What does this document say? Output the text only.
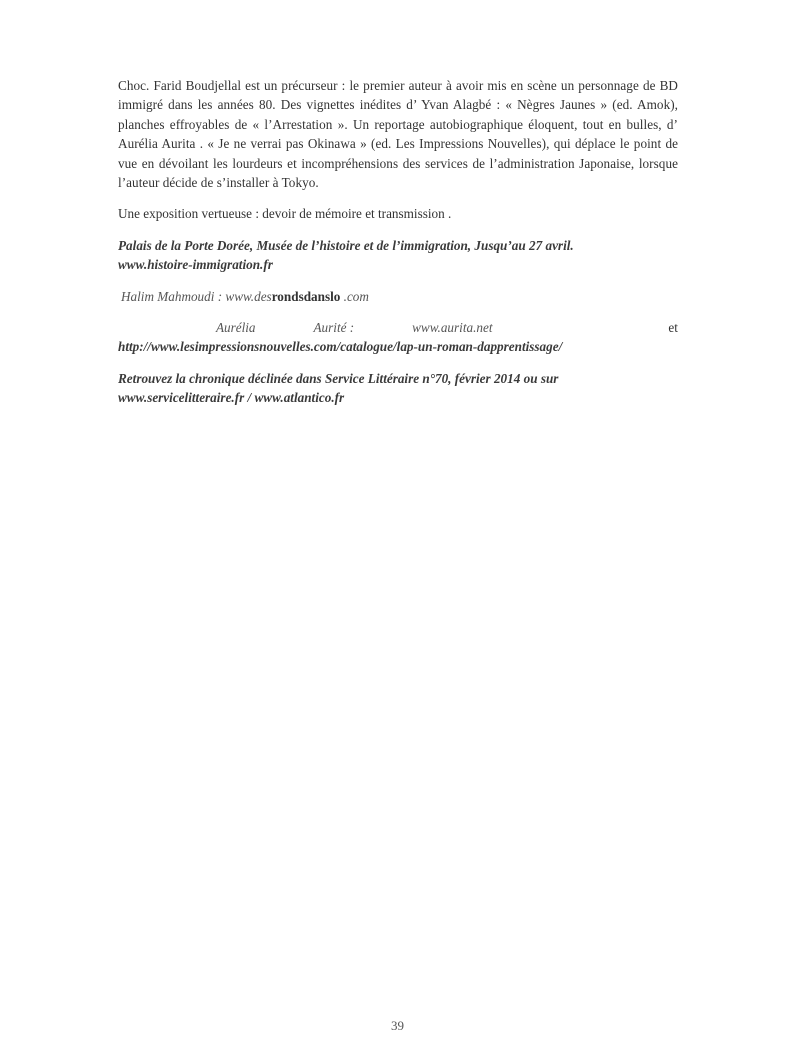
Choc. Farid Boudjellal est un précurseur : le premier auteur à avoir mis en scène un personnage de BD immigré dans les années 80. Des vignettes inédites d’ Yvan Alagbé : « Nègres Jaunes » (ed. Amok), planches effroyables de « l’Arrestation ». Un reportage autobiographique éloquent, tout en bulles, d’ Aurélia Aurita . « Je ne verrai pas Okinawa » (ed. Les Impressions Nouvelles), qui déplace le point de vue en dévoilant les lourdeurs et incompréhensions des services de l’administration Japonaise, lorsque l’auteur décide de s’installer à Tokyo.

Une exposition vertueuse : devoir de mémoire et transmission .

Palais de la Porte Dorée, Musée de l’histoire et de l’immigration, Jusqu’au 27 avril.
www.histoire-immigration.fr

Halim Mahmoudi : www.desrondsdanslo .com

Aurélia	Aurité :	www.aurita.net	et

http://www.lesimpressionsnouvelles.com/catalogue/lap-un-roman-dapprentissage/

Retrouvez la chronique déclinée dans Service Littéraire n°70, février 2014 ou sur
www.servicelitteraire.fr / www.atlantico.fr

39
